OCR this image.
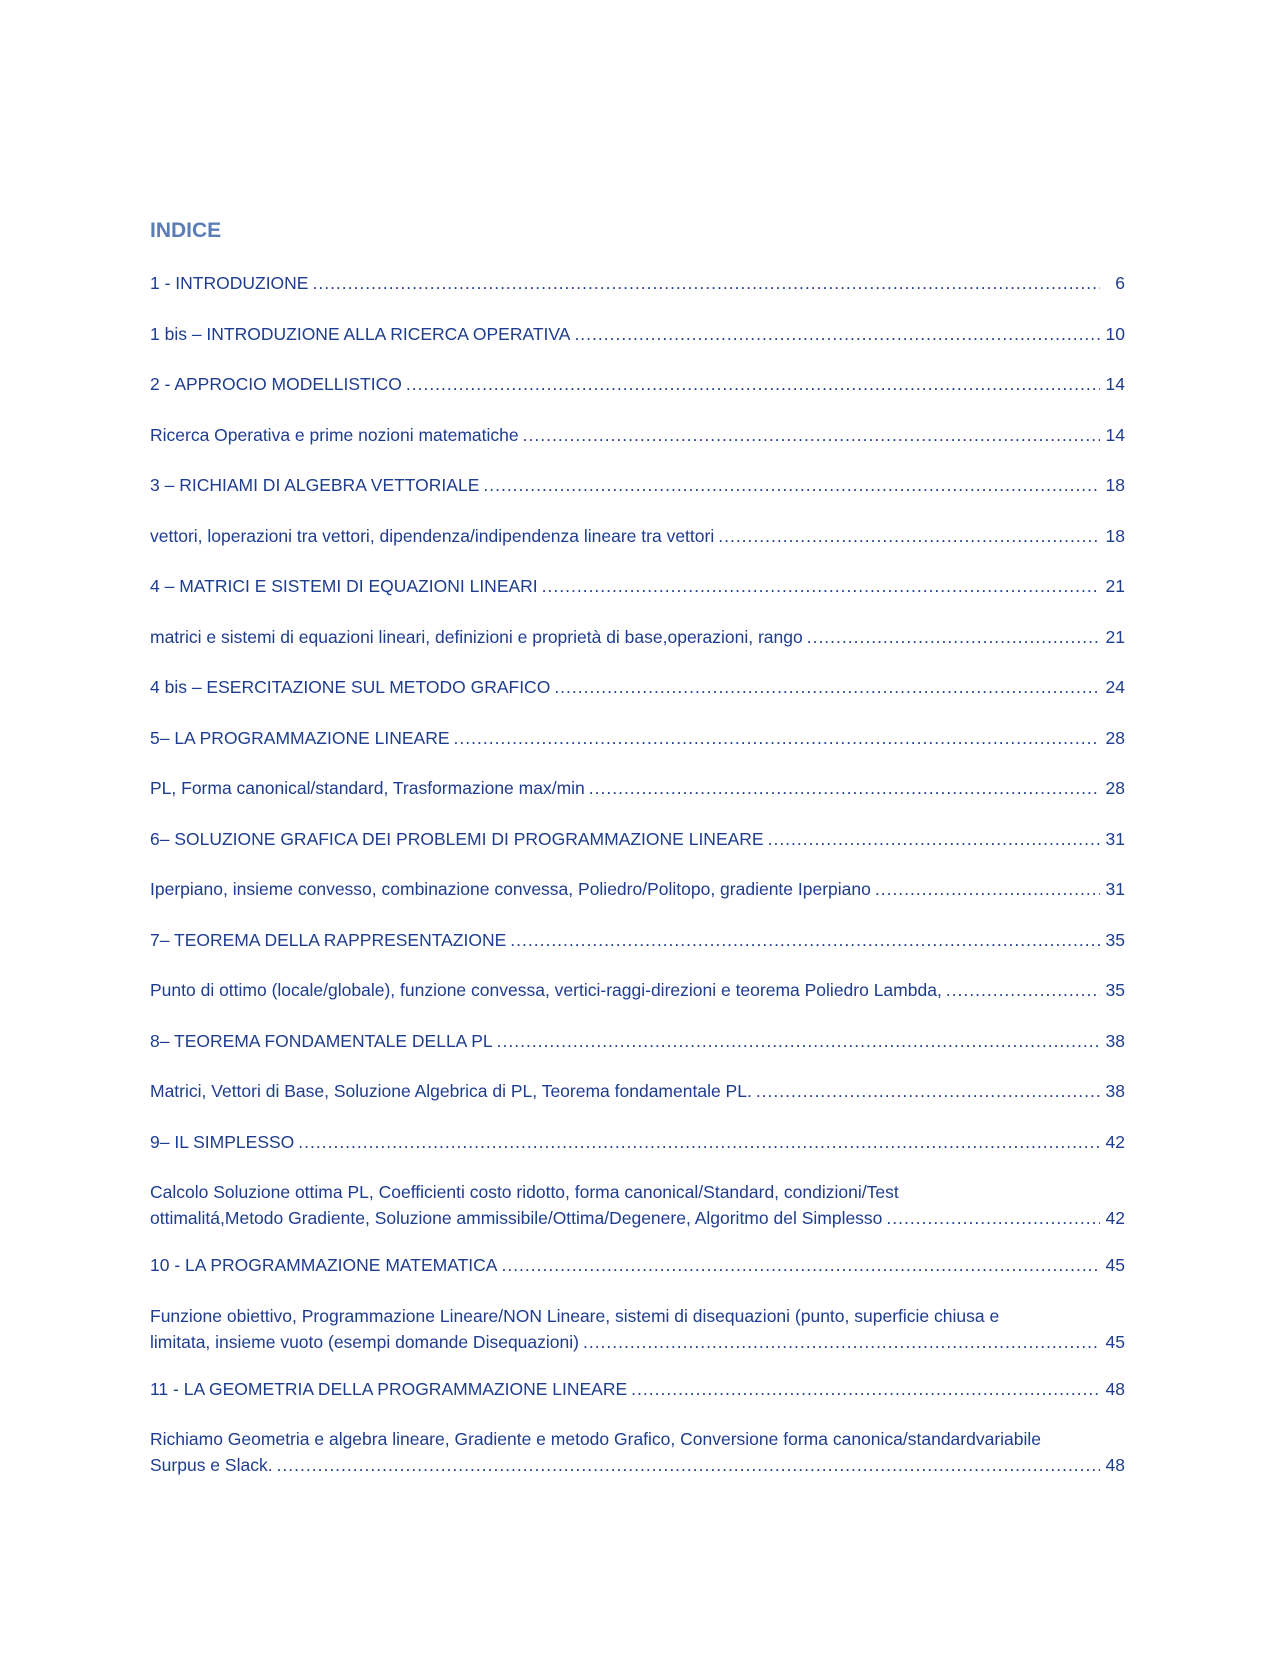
INDICE
1 - INTRODUZIONE .....	6
1 bis – INTRODUZIONE ALLA RICERCA OPERATIVA .....	10
2 - APPROCIO MODELLISTICO .....	14
Ricerca Operativa e prime nozioni matematiche .....	14
3 – RICHIAMI DI ALGEBRA VETTORIALE .....	18
vettori, loperazioni tra vettori, dipendenza/indipendenza lineare tra vettori .....	18
4 – MATRICI E SISTEMI DI EQUAZIONI LINEARI .....	21
matrici e sistemi di equazioni lineari, definizioni e proprietà di base,operazioni, rango .....	21
4 bis – ESERCITAZIONE SUL METODO GRAFICO .....	24
5– LA PROGRAMMAZIONE LINEARE .....	28
PL, Forma canonical/standard, Trasformazione max/min .....	28
6– SOLUZIONE GRAFICA DEI PROBLEMI DI PROGRAMMAZIONE LINEARE .....	31
Iperpiano, insieme convesso, combinazione convessa, Poliedro/Politopo, gradiente Iperpiano .....	31
7– TEOREMA DELLA RAPPRESENTAZIONE .....	35
Punto di ottimo (locale/globale), funzione convessa, vertici-raggi-direzioni e teorema Poliedro Lambda, .....	35
8– TEOREMA FONDAMENTALE DELLA PL .....	38
Matrici, Vettori di Base, Soluzione Algebrica di PL, Teorema fondamentale PL. .....	38
9– IL SIMPLESSO .....	42
Calcolo Soluzione ottima PL, Coefficienti costo ridotto, forma canonical/Standard, condizioni/Test
ottimalitá,Metodo Gradiente, Soluzione ammissibile/Ottima/Degenere, Algoritmo del Simplesso .....	42
10 - LA PROGRAMMAZIONE MATEMATICA .....	45
Funzione obiettivo, Programmazione Lineare/NON Lineare, sistemi di disequazioni (punto, superficie chiusa e
limitata, insieme vuoto (esempi domande Disequazioni) .....	45
11 - LA GEOMETRIA DELLA PROGRAMMAZIONE LINEARE .....	48
Richiamo Geometria e algebra lineare, Gradiente e metodo Grafico, Conversione forma canonica/standardvariabile
Surpus e Slack. .....	48
